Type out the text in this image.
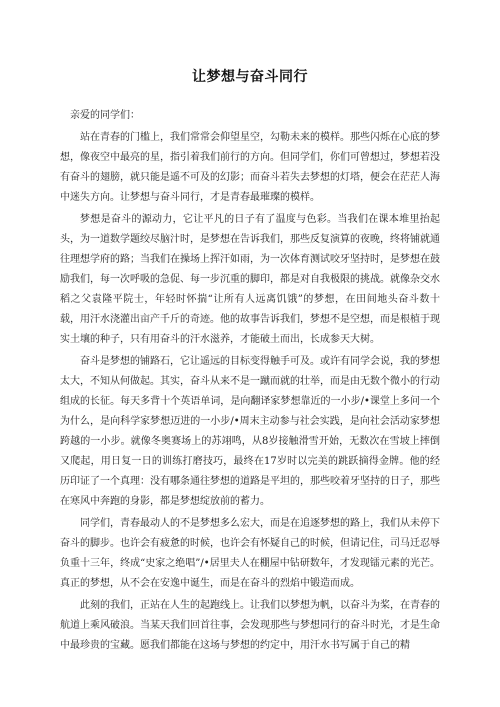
让梦想与奋斗同行

亲爱的同学们：

站在青春的门槛上，我们常常会仰望星空，勾勒未来的模样。那些闪烁在心底的梦想，像夜空中最亮的星，指引着我们前行的方向。但同学们，你们可曾想过，梦想若没有奋斗的翅膀，就只能是遥不可及的幻影；而奋斗若失去梦想的灯塔，便会在茫茫人海中迷失方向。让梦想与奋斗同行，才是青春最璀璨的模样。

梦想是奋斗的源动力，它让平凡的日子有了温度与色彩。当我们在课本堆里抬起头，为一道数学题绞尽脑汁时，是梦想在告诉我们，那些反复演算的夜晚，终将铺就通往理想学府的路；当我们在操场上挥汗如雨，为一次体育测试咬牙坚持时，是梦想在鼓励我们，每一次呼吸的急促、每一步沉重的脚印，都是对自我极限的挑战。就像杂交水稻之父袁隆平院士，年轻时怀揣“让所有人远离饥饿”的梦想，在田间地头奋斗数十载，用汗水浇灌出亩产千斤的奇迹。他的故事告诉我们，梦想不是空想，而是根植于现实土壤的种子，只有用奋斗的汗水滋养，才能破土而出，长成参天大树。

奋斗是梦想的铺路石，它让遥远的目标变得触手可及。或许有同学会说，我的梦想太大，不知从何做起。其实，奋斗从来不是一蹴而就的壮举，而是由无数个微小的行动组成的长征。每天多背十个英语单词，是向翻译家梦想靠近的一小步/•课堂上多问一个为什么，是向科学家梦想迈进的一小步/•周末主动参与社会实践，是向社会活动家梦想跨越的一小步。就像冬奥赛场上的苏翊鸣，从8岁接触滑雪开始，无数次在雪坡上摔倒又爬起，用日复一日的训练打磨技巧，最终在17岁时以完美的跳跃摘得金牌。他的经历印证了一个真理：没有哪条通往梦想的道路是平坦的，那些咬着牙坚持的日子，那些在寒风中奔跑的身影，都是梦想绽放前的蓄力。

同学们，青春最动人的不是梦想多么宏大，而是在追逐梦想的路上，我们从未停下奋斗的脚步。也许会有疲惫的时候，也许会有怀疑自己的时候，但请记住，司马迁忍辱负重十三年，终成“史家之绝唱”/•居里夫人在棚屋中钻研数年，才发现镭元素的光芒。真正的梦想，从不会在安逸中诞生，而是在奋斗的烈焰中锻造而成。

此刻的我们，正站在人生的起跑线上。让我们以梦想为帆，以奋斗为桨，在青春的航道上乘风破浪。当某天我们回首往事，会发现那些与梦想同行的奋斗时光，才是生命中最珍贵的宝藏。愿我们都能在这场与梦想的约定中，用汗水书写属于自己的精
